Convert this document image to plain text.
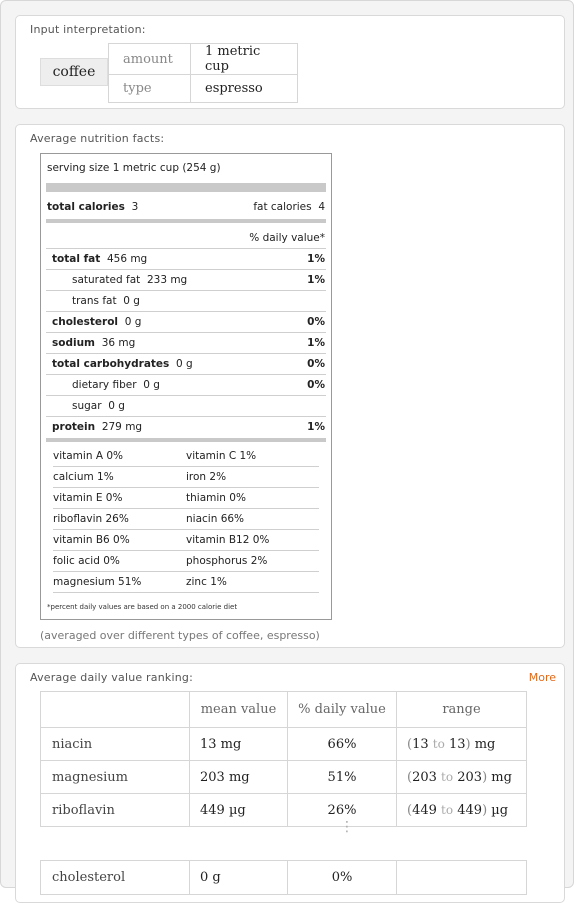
Input interpretation:
coffee
amount	1 metric cup
type	espresso
Average nutrition facts:
serving size 1 metric cup (254 g)
total calories 3	fat calories 4
% daily value*
total fat 456 mg	1%
saturated fat 233 mg	1%
trans fat 0 g
cholesterol 0 g	0%
sodium 36 mg	1%
total carbohydrates 0 g	0%
dietary fiber 0 g	0%
sugar 0 g
protein 279 mg	1%
vitamin A 0%	vitamin C 1%
calcium 1%	iron 2%
vitamin E 0%	thiamin 0%
riboflavin 26%	niacin 66%
vitamin B6 0%	vitamin B12 0%
folic acid 0%	phosphorus 2%
magnesium 51%	zinc 1%
*percent daily values are based on a 2000 calorie diet
(averaged over different types of coffee, espresso)
Average daily value ranking:	More
	mean value	% daily value	range
niacin	13 mg	66%	(13 to 13) mg
magnesium	203 mg	51%	(203 to 203) mg
riboflavin	449 µg	26%	(449 to 449) µg
⋮
cholesterol	0 g	0%	
